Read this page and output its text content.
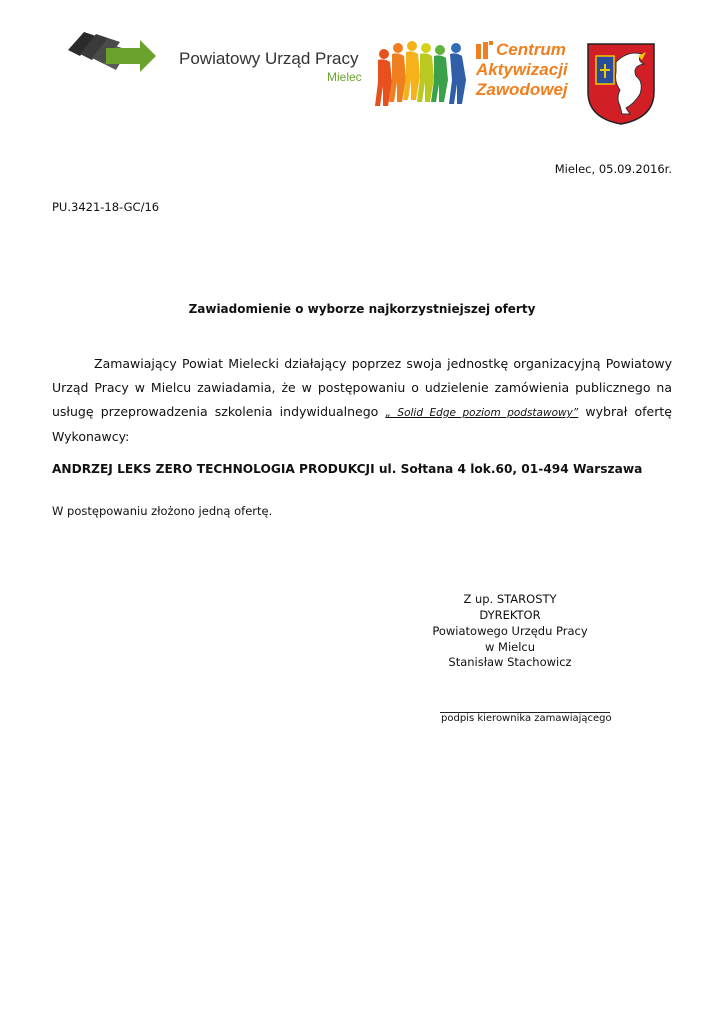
Powiatowy Urząd Pracy
Mielec
Centrum
Aktywizacji
Zawodowej
Mielec, 05.09.2016r.
PU.3421-18-GC/16
Zawiadomienie o wyborze najkorzystniejszej oferty
Zamawiający Powiat Mielecki działający poprzez swoja jednostkę organizacyjną Powiatowy Urząd Pracy w Mielcu zawiadamia, że w postępowaniu o udzielenie zamówienia publicznego na usługę przeprowadzenia szkolenia indywidualnego „ Solid Edge poziom podstawowy” wybrał ofertę Wykonawcy:
ANDRZEJ LEKS ZERO TECHNOLOGIA PRODUKCJI ul. Sołtana 4 lok.60, 01-494 Warszawa
W postępowaniu złożono jedną ofertę.
Z up. STAROSTY
DYREKTOR
Powiatowego Urzędu Pracy
w Mielcu
Stanisław Stachowicz
podpis kierownika zamawiającego
